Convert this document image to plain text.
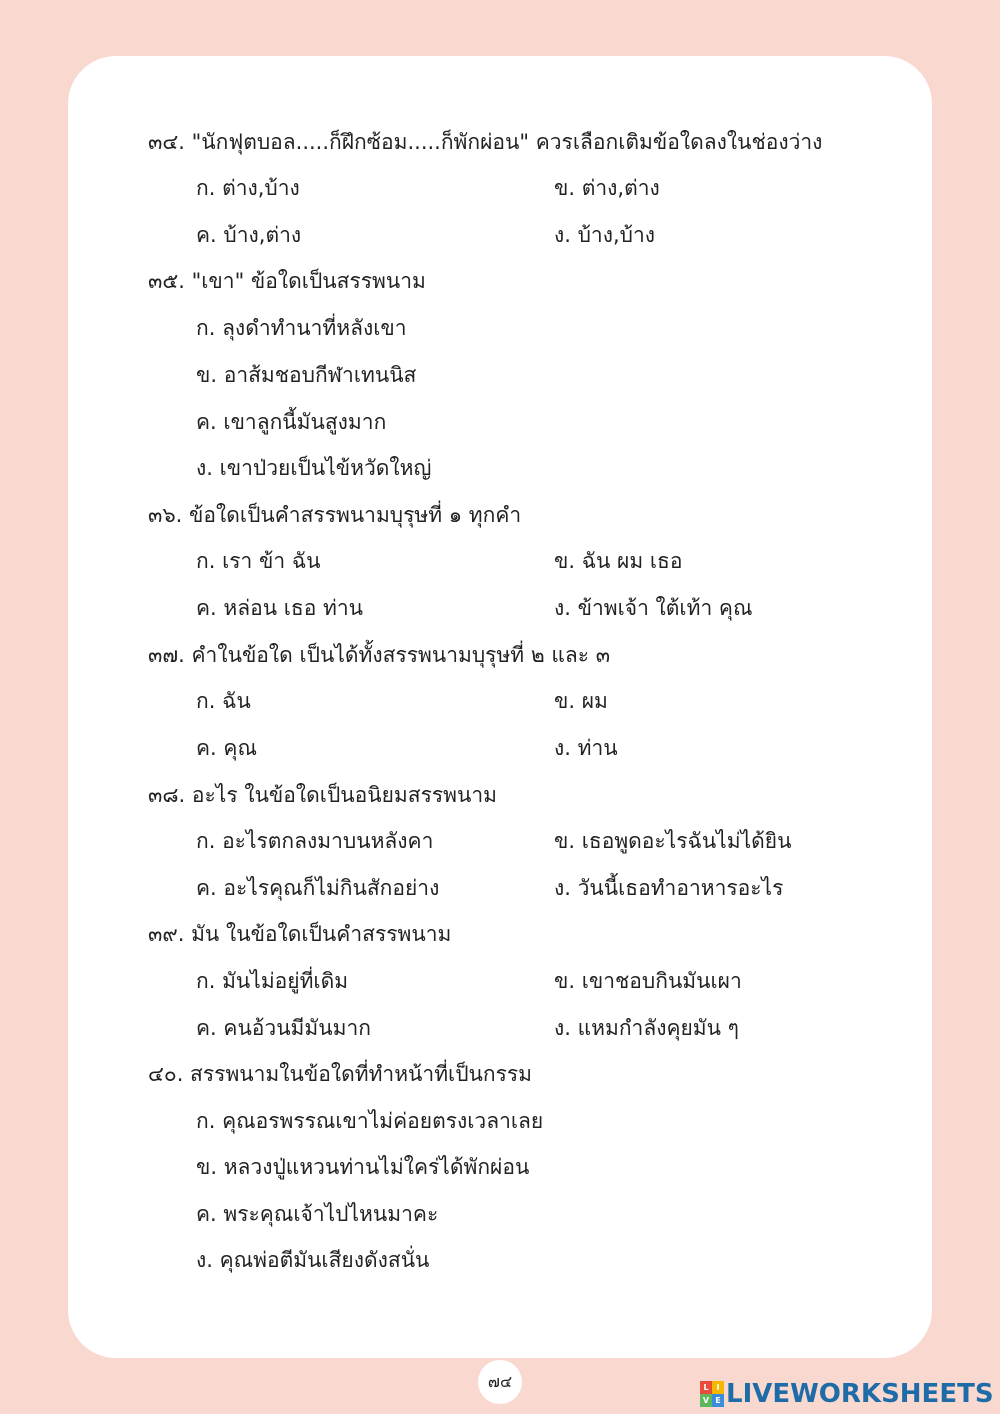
๓๔. "นักฟุตบอล.....ก็ฝึกซ้อม.....ก็พักผ่อน" ควรเลือกเติมข้อใดลงในช่องว่าง
ก. ต่าง,บ้าง	ข. ต่าง,ต่าง
ค. บ้าง,ต่าง	ง. บ้าง,บ้าง
๓๕. "เขา" ข้อใดเป็นสรรพนาม
ก. ลุงดำทำนาที่หลังเขา
ข. อาส้มชอบกีฬาเทนนิส
ค. เขาลูกนี้มันสูงมาก
ง. เขาป่วยเป็นไข้หวัดใหญ่
๓๖. ข้อใดเป็นคำสรรพนามบุรุษที่ ๑ ทุกคำ
ก. เรา ข้า ฉัน	ข. ฉัน ผม เธอ
ค. หล่อน เธอ ท่าน	ง. ข้าพเจ้า ใต้เท้า คุณ
๓๗. คำในข้อใด เป็นได้ทั้งสรรพนามบุรุษที่ ๒ และ ๓
ก. ฉัน	ข. ผม
ค. คุณ	ง. ท่าน
๓๘. อะไร ในข้อใดเป็นอนิยมสรรพนาม
ก. อะไรตกลงมาบนหลังคา	ข. เธอพูดอะไรฉันไม่ได้ยิน
ค. อะไรคุณก็ไม่กินสักอย่าง	ง. วันนี้เธอทำอาหารอะไร
๓๙. มัน ในข้อใดเป็นคำสรรพนาม
ก. มันไม่อยู่ที่เดิม	ข. เขาชอบกินมันเผา
ค. คนอ้วนมีมันมาก	ง. แหมกำลังคุยมัน ๆ
๔๐. สรรพนามในข้อใดที่ทำหน้าที่เป็นกรรม
ก. คุณอรพรรณเขาไม่ค่อยตรงเวลาเลย
ข. หลวงปู่แหวนท่านไม่ใคร่ได้พักผ่อน
ค. พระคุณเจ้าไปไหนมาคะ
ง. คุณพ่อตีมันเสียงดังสนั่น
๗๔	L I
V E LIVEWORKSHEETS
